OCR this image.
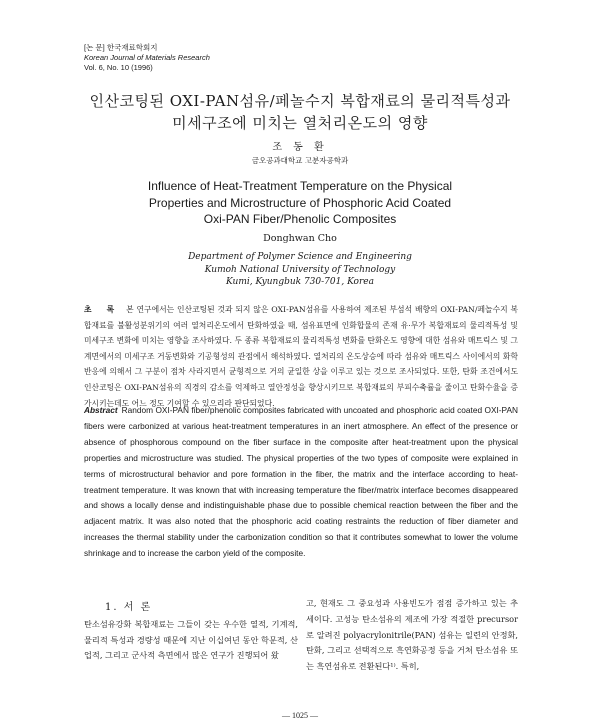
[논 문] 한국재료학회지
Korean Journal of Materials Research
Vol. 6, No. 10 (1996)
인산코팅된 OXI-PAN섬유/페놀수지 복합재료의 물리적특성과
미세구조에 미치는 열처리온도의 영향
조 동 환
금오공과대학교 고분자공학과
Influence of Heat-Treatment Temperature on the Physical
Properties and Microstructure of Phosphoric Acid Coated
Oxi-PAN Fiber/Phenolic Composites
Donghwan Cho
Department of Polymer Science and Engineering
Kumoh National University of Technology
Kumi, Kyungbuk 730-701, Korea
초 록 본 연구에서는 인산코팅된 것과 되지 않은 OXI-PAN섬유를 사용하여 제조된 부섬석 배향의 OXI-PAN/페놀수지 복합재료를 불활성분위기의 여러 열처리온도에서 탄화하였을 때, 섬유표면에 인화합물의 존재 유·무가 복합재료의 물리적특성 및 미세구조 변화에 미치는 영향을 조사하였다. 두 종류 복합재료의 물리적특성 변화를 탄화온도 영향에 대한 섬유와 매트릭스 및 그 계면에서의 미세구조 거동변화와 기공형성의 관점에서 해석하였다. 열처리의 온도상승에 따라 섬유와 매트릭스 사이에서의 화학반응에 의해서 그 구분이 점차 사라지면서 균형적으로 거의 균일한 상을 이루고 있는 것으로 조사되었다. 또한, 탄화 조건에서도 인산코팅은 OXI-PAN섬유의 직경의 감소를 억제하고 열안정성을 향상시키므로 복합재료의 부피수축률을 줄이고 탄화수율을 증가시키는데도 어느 정도 기여할 수 있으리라 판단되었다.
Abstract Random OXI-PAN fiber/phenolic composites fabricated with uncoated and phosphoric acid coated OXI-PAN fibers were carbonized at various heat-treatment temperatures in an inert atmosphere. An effect of the presence or absence of phosphorous compound on the fiber surface in the composite after heat-treatment upon the physical properties and microstructure was studied. The physical properties of the two types of composite were explained in terms of microstructural behavior and pore formation in the fiber, the matrix and the interface according to heat-treatment temperature. It was known that with increasing temperature the fiber/matrix interface becomes disappeared and shows a locally dense and indistinguishable phase due to possible chemical reaction between the fiber and the adjacent matrix. It was also noted that the phosphoric acid coating restraints the reduction of fiber diameter and increases the thermal stability under the carbonization condition so that it contributes somewhat to lower the volume shrinkage and to increase the carbon yield of the composite.
1. 서 론
탄소섬유강화 복합재료는 그들이 갖는 우수한 열적, 기계적, 물리적 특성과 경량성 때문에 지난 이십여년 동안 학문적, 산업적, 그리고 군사적 측면에서 많은 연구가 진행되어 왔
고, 현재도 그 중요성과 사용빈도가 점점 증가하고 있는 추세이다. 고성능 탄소섬유의 제조에 가장 적절한 precursor로 알려진 polyacrylonitrile(PAN) 섬유는 일련의 안정화, 탄화, 그리고 선택적으로 흑연화공정 등을 거쳐 탄소섬유 또는 흑연섬유로 전환된다¹⁾. 특히,
— 1025 —
